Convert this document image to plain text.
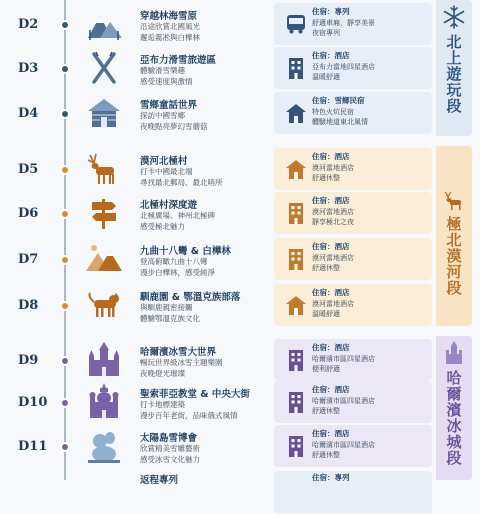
D2	穿越林海雪原
沿途欣賞北國風光
邂逅霧凇與白樺林
住宿：專列
舒適車廂，靜享美景
夜宿專列
D3	亞布力滑雪旅遊區
體驗滑雪樂趣
感受速度與激情
住宿：酒店
亞布力當地四星酒店
溫暖舒適
D4	雪鄉童話世界
探訪中國雪鄉
夜晚點亮夢幻雪蘑菇
住宿：雪鄉民宿
特色火炕民宿
體驗地道東北風情
D5	漠河北極村
打卡中國最北端
尋找最北郵局、最北哨所
住宿：酒店
漠河當地酒店
舒適休整
D6	北極村深度遊
北極廣場、神州北極碑
感受極北魅力
住宿：酒店
漠河當地酒店
靜享極北之夜
D7	九曲十八彎 & 白樺林
登高俯瞰九曲十八彎
漫步白樺林，感受純淨
住宿：酒店
漠河當地酒店
舒適休整
D8	馴鹿園 & 鄂溫克族部落
與馴鹿親密接觸
體驗鄂溫克族文化
住宿：酒店
漠河當地酒店
溫暖舒適
D9	哈爾濱冰雪大世界
暢玩世界級冰雪主題樂園
夜晚燈光璀璨
住宿：酒店
哈爾濱市區四星酒店
便利舒適
D10	聖索菲亞教堂 & 中央大街
打卡地標建築
漫步百年老街，品味俄式風情
住宿：酒店
哈爾濱市區四星酒店
舒適休整
D11	太陽島雪博會
欣賞精美雪雕藝術
感受冰雪文化魅力
住宿：酒店
哈爾濱市區四星酒店
舒適休整
北上遊玩段
極北漠河段
哈爾濱冰城段
返程專列	住宿：專列
